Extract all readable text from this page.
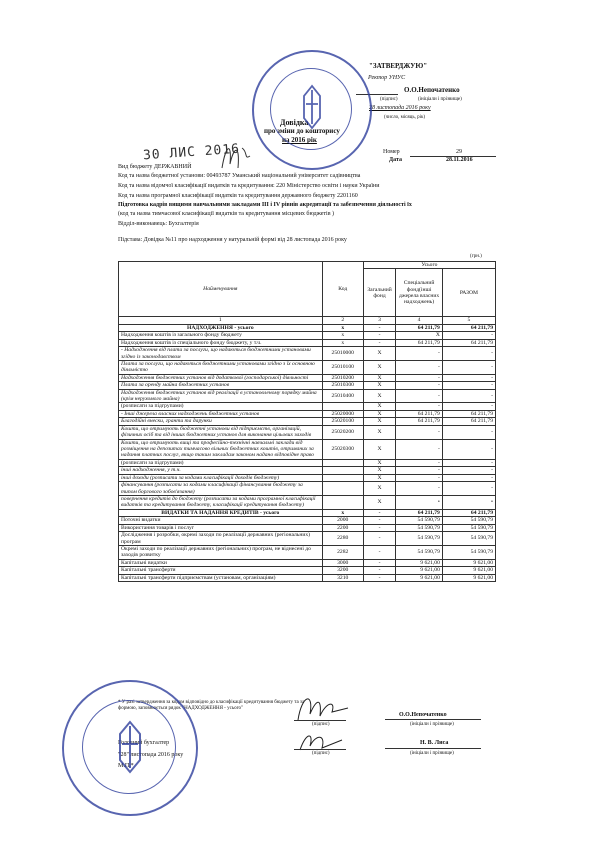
"ЗАТВЕРДЖУЮ"
Ректор УНУС
О.О.Непочатенко
(підпис)	(ініціали і прізвище)
28 листопада 2016 року
(число, місяць, рік)
Довідка
про зміни до кошторису
на 2016 рік
Номер	29
Дата	28.11.2016
30 ЛИС 2016
Вид бюджету ДЕРЖАВНИЙ
Код та назва бюджетної установи: 00493787 Уманський національний університет садівництва
Код та назва відомчої класифікації видатків та кредитування: 220 Міністерство освіти і науки України
Код та назва програмної класифікації видатків та кредитування державного бюджету 2201160
Підготовка кадрів вищими навчальними закладами III і IV рівнів акредитації та забезпечення діяльності їх
(код та назва тимчасової класифікації видатків та кредитування місцевих бюджетів )
Відділ-виконавець: Бухгалтерія
Підстава: Довідка №11 про надходження у натуральній формі від 28 листопада 2016 року
(грн.)
Найменування	Код	Усього		
		Загальний фонд	Спеціальний фонд(інші джерела власних надходжень)	РАЗОМ
1	2	3	4	5
НАДХОДЖЕННЯ - усього	х	-	64 211,79	64 211,79
Надходження коштів із загального фонду бюджету	х	-	Х	-
Надходження коштів із спеціального фонду бюджету, у т.ч.	х	-	64 211,79	64 211,79
- Надходження від плати за послуги, що надаються бюджетними установами згідно із законодавством	25010000	Х	-	-
Плата за послуги, що надаються бюджетними установами згідно з їх основною діяльністю	25010100	Х	-	-
Надходження бюджетних установ від додаткової (господарської) діяльності	25010200	Х	-	-
Плата за оренду майна бюджетних установ	25010300	Х	-	-
Надходження бюджетних установ від реалізації в установленому порядку майна (крім нерухомого майна)	25010400	Х	-	-
(розписати за підгрупами)		Х	-	-
- Інші джерела власних надходжень бюджетних установ	25020000	Х	64 211,79	64 211,79
Благодійні внески, гранти та дарунки	25020100	Х	64 211,79	64 211,79
Кошти, що отримують бюджетні установи від підприємств, організацій, фізичних осіб та від інших бюджетних установ для виконання цільових заходів	25020200	Х	-	-
Кошти, що отримують вищі та професійно-технічні навчальні заклади від розміщення на депозитах тимчасово вільних бюджетних коштів, отриманих за надання платних послуг, якщо таким закладам законом надано відповідне право	25020300	Х	-	-
(розписати за підгрупами)		Х	-	-
інші надходження, у т.ч.		Х	-	-
інші доходи (розписати за кодами класифікації доходів бюджету)		Х	-	-
фінансування (розписати за кодами класифікації фінансування бюджету за типом боргового зобов'язання)		Х	-	-
повернення кредитів до бюджету (розписати за кодами програмної класифікації видатків та кредитування бюджету, класифікації кредитування бюджету)		Х	•	•
ВИДАТКИ ТА НАДАННЯ КРЕДИТІВ - усього	х	-	64 211,79	64 211,79
Поточні видатки	2000	-	54 590,79	54 590,79
Використання товарів і послуг	2200	-	54 590,79	54 590,79
Дослідження і розробки, окремі заходи по реалізації державних (регіональних) програм	2280	-	54 590,79	54 590,79
Окремі заходи по реалізації державних (регіональних) програм, не віднесені до заходів розвитку	2282	-	54 590,79	54 590,79
Капітальні видатки	3000	-	9 621,00	9 621,00
Капітальні трансферти	3200	-	9 621,00	9 621,00
Капітальні трансферти підприємствам (установам, організаціям)	3210	-	9 621,00	9 621,00
* У разі затвердження за кодом відповідно до класифікації кредитування бюджету та за
формою, заповнюється рядок "НАДХОДЖЕННЯ - усього"
(підпис)
О.О.Непочатенко
(ініціали і прізвище)
Головний бухгалтер
(підпис)
Н. В. Лиса
(ініціали і прізвище)
"28" листопада 2016 року
М.П.*
